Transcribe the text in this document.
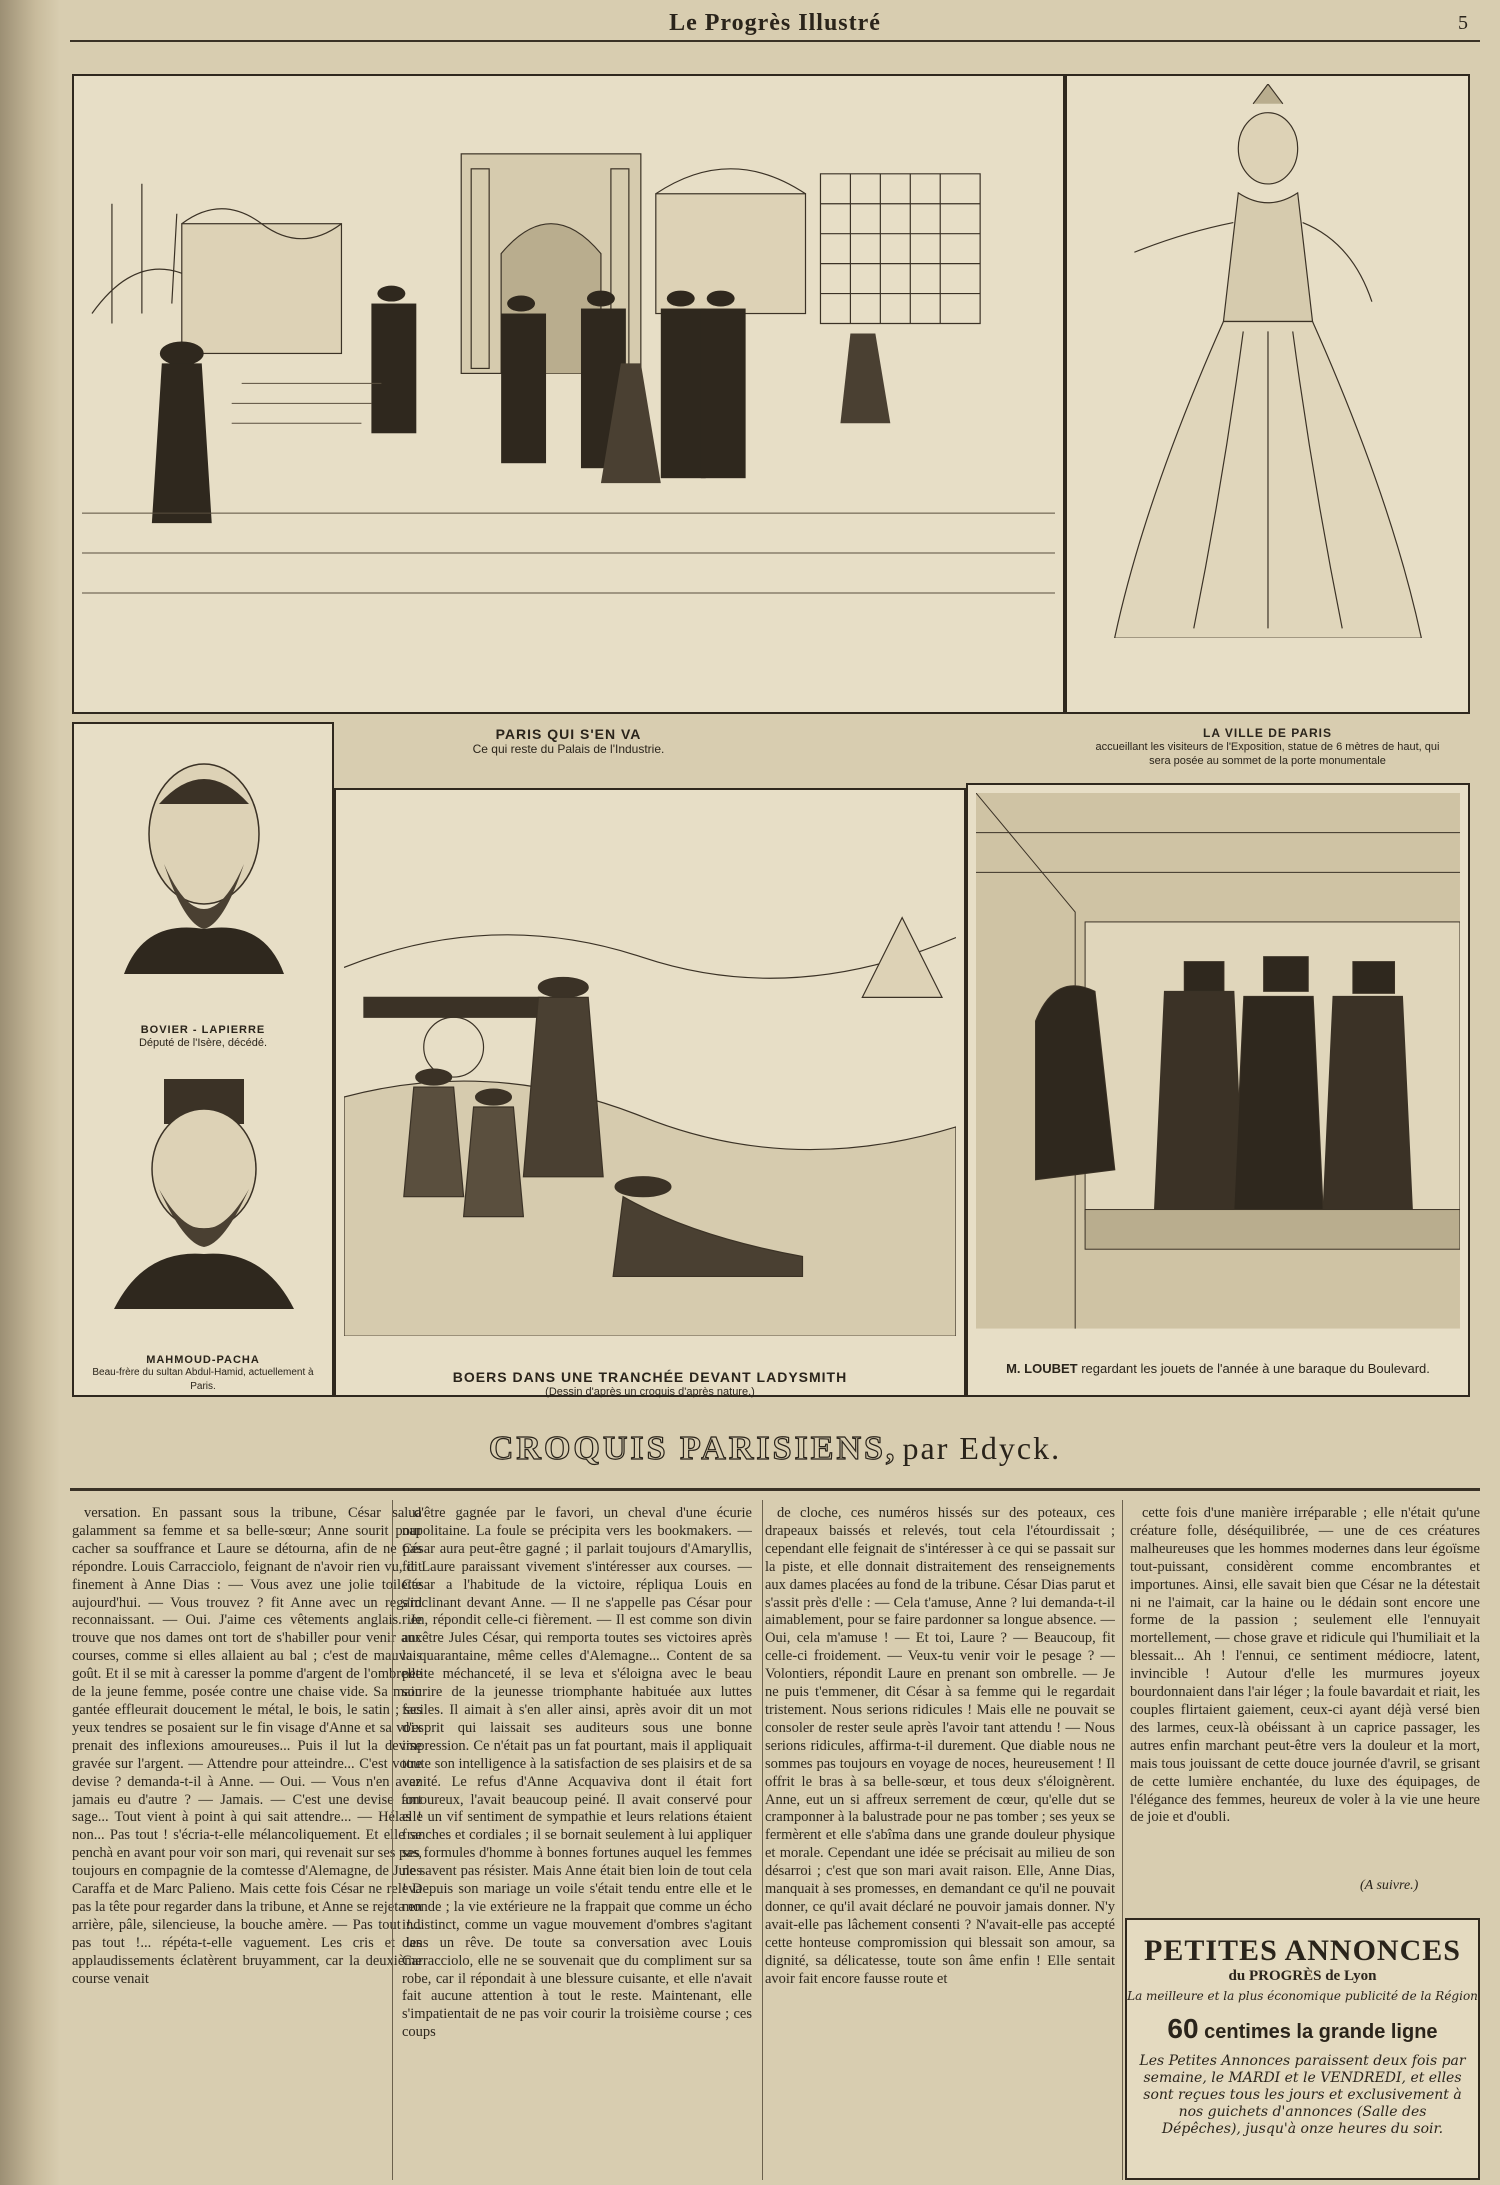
Le Progrès Illustré	5
PARIS QUI S'EN VA
Ce qui reste du Palais de l'Industrie.
LA VILLE DE PARIS
accueillant les visiteurs de l'Exposition, statue de 6 mètres de haut, qui sera posée au sommet de la porte monumentale
BOVIER - LAPIERRE
Député de l'Isère, décédé.
MAHMOUD-PACHA
Beau-frère du sultan Abdul-Hamid, actuellement à Paris.
BOERS DANS UNE TRANCHÉE DEVANT LADYSMITH
(Dessin d'après un croquis d'après nature.)
M. LOUBET regardant les jouets de l'année à une baraque du Boulevard.
CROQUIS PARISIENS, par Edyck.

versation. En passant sous la tribune, César salua galamment sa femme et sa belle-sœur; Anne sourit pour cacher sa souffrance et Laure se détourna, afin de ne pas répondre. Louis Carracciolo, feignant de n'avoir rien vu, dit finement à Anne Dias : — Vous avez une jolie toilette aujourd'hui. — Vous trouvez ? fit Anne avec un regard reconnaissant. — Oui. J'aime ces vêtements anglais. Je trouve que nos dames ont tort de s'habiller pour venir aux courses, comme si elles allaient au bal ; c'est de mauvais goût. Et il se mit à caresser la pomme d'argent de l'ombrelle de la jeune femme, posée contre une chaise vide. Sa main gantée effleurait doucement le métal, le bois, le satin ; ses yeux tendres se posaient sur le fin visage d'Anne et sa voix prenait des inflexions amoureuses... Puis il lut la devise gravée sur l'argent. — Attendre pour atteindre... C'est votre devise ? demanda-t-il à Anne. — Oui. — Vous n'en avez jamais eu d'autre ? — Jamais. — C'est une devise fort sage... Tout vient à point à qui sait attendre... — Hélas ! non... Pas tout ! s'écria-t-elle mélancoliquement. Et elle se penchà en avant pour voir son mari, qui revenait sur ses pas, toujours en compagnie de la comtesse d'Alemagne, de Jules Caraffa et de Marc Palieno. Mais cette fois César ne releva pas la tête pour regarder dans la tribune, et Anne se rejeta en arrière, pâle, silencieuse, la bouche amère. — Pas tout !... pas tout !... répéta-t-elle vaguement. Les cris et les applaudissements éclatèrent bruyamment, car la deuxième course venait

d'être gagnée par le favori, un cheval d'une écurie napolitaine. La foule se précipita vers les bookmakers. — César aura peut-être gagné ; il parlait toujours d'Amaryllis, fit Laure paraissant vivement s'intéresser aux courses. — César a l'habitude de la victoire, répliqua Louis en s'inclinant devant Anne. — Il ne s'appelle pas César pour rien, répondit celle-ci fièrement. — Il est comme son divin ancêtre Jules César, qui remporta toutes ses victoires après la quarantaine, même celles d'Alemagne... Content de sa petite méchanceté, il se leva et s'éloigna avec le beau sourire de la jeunesse triomphante habituée aux luttes faciles. Il aimait à s'en aller ainsi, après avoir dit un mot d'esprit qui laissait ses auditeurs sous une bonne impression. Ce n'était pas un fat pourtant, mais il appliquait toute son intelligence à la satisfaction de ses plaisirs et de sa vanité. Le refus d'Anne Acquaviva dont il était fort amoureux, l'avait beaucoup peiné. Il avait conservé pour elle un vif sentiment de sympathie et leurs relations étaient franches et cordiales ; il se bornait seulement à lui appliquer ses formules d'homme à bonnes fortunes auquel les femmes ne savent pas résister. Mais Anne était bien loin de tout cela ! Depuis son mariage un voile s'était tendu entre elle et le monde ; la vie extérieure ne la frappait que comme un écho indistinct, comme un vague mouvement d'ombres s'agitant dans un rêve. De toute sa conversation avec Louis Carracciolo, elle ne se souvenait que du compliment sur sa robe, car il répondait à une blessure cuisante, et elle n'avait fait aucune attention à tout le reste. Maintenant, elle s'impatientait de ne pas voir courir la troisième course ; ces coups

de cloche, ces numéros hissés sur des poteaux, ces drapeaux baissés et relevés, tout cela l'étourdissait ; cependant elle feignait de s'intéresser à ce qui se passait sur la piste, et elle donnait distraitement des renseignements aux dames placées au fond de la tribune. César Dias parut et s'assit près d'elle : — Cela t'amuse, Anne ? lui demanda-t-il aimablement, pour se faire pardonner sa longue absence. — Oui, cela m'amuse ! — Et toi, Laure ? — Beaucoup, fit celle-ci froidement. — Veux-tu venir voir le pesage ? — Volontiers, répondit Laure en prenant son ombrelle. — Je ne puis t'emmener, dit César à sa femme qui le regardait tristement. Nous serions ridicules ! Mais elle ne pouvait se consoler de rester seule après l'avoir tant attendu ! — Nous serions ridicules, affirma-t-il durement. Que diable nous ne sommes pas toujours en voyage de noces, heureusement ! Il offrit le bras à sa belle-sœur, et tous deux s'éloignèrent. Anne, eut un si affreux serrement de cœur, qu'elle dut se cramponner à la balustrade pour ne pas tomber ; ses yeux se fermèrent et elle s'abîma dans une grande douleur physique et morale. Cependant une idée se précisait au milieu de son désarroi ; c'est que son mari avait raison. Elle, Anne Dias, manquait à ses promesses, en demandant ce qu'il ne pouvait donner, ce qu'il avait déclaré ne pouvoir jamais donner. N'y avait-elle pas lâchement consenti ? N'avait-elle pas accepté cette honteuse compromission qui blessait son amour, sa dignité, sa délicatesse, toute son âme enfin ! Elle sentait avoir fait encore fausse route et

cette fois d'une manière irréparable ; elle n'était qu'une créature folle, déséquilibrée, — une de ces créatures malheureuses que les hommes modernes dans leur égoïsme tout-puissant, considèrent comme encombrantes et importunes. Ainsi, elle savait bien que César ne la détestait ni ne l'aimait, car la haine ou le dédain sont encore une forme de la passion ; seulement elle l'ennuyait mortellement, — chose grave et ridicule qui l'humiliait et la blessait... Ah ! l'ennui, ce sentiment médiocre, latent, invincible ! Autour d'elle les murmures joyeux bourdonnaient dans l'air léger ; la foule bavardait et riait, les couples flirtaient gaiement, ceux-ci ayant déjà versé bien des larmes, ceux-là obéissant à un caprice passager, les autres enfin marchant peut-être vers la douleur et la mort, mais tous jouissant de cette douce journée d'avril, se grisant de cette lumière enchantée, du luxe des équipages, de l'élégance des femmes, heureux de voler à la vie une heure de joie et d'oubli.

(A suivre.)
PETITES ANNONCES
du PROGRÈS de Lyon
La meilleure et la plus économique publicité de la Région
60 centimes la grande ligne
Les Petites Annonces paraissent deux fois par semaine, le MARDI et le VENDREDI, et elles sont reçues tous les jours et exclusivement à nos guichets d'annonces (Salle des Dépêches), jusqu'à onze heures du soir.
